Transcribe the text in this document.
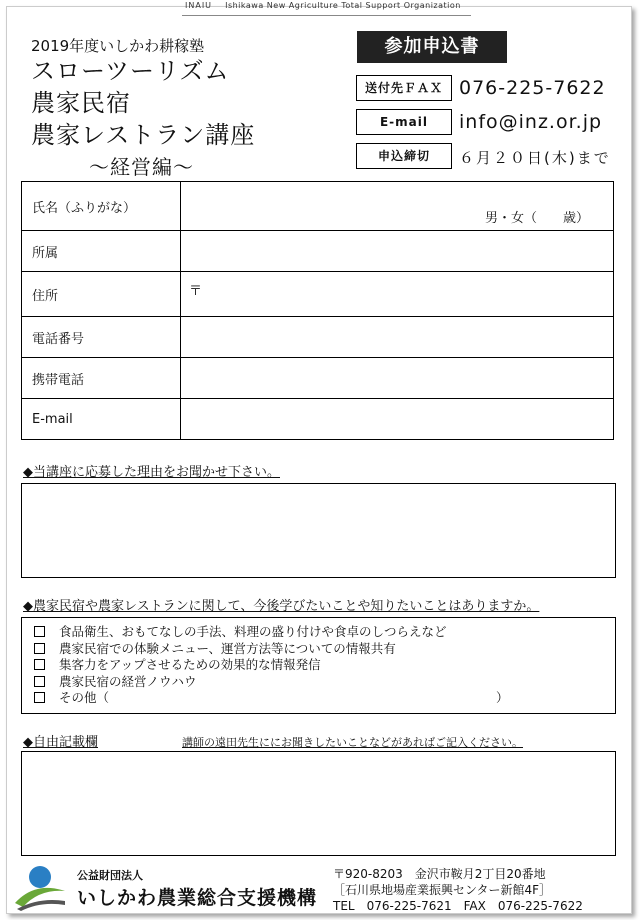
INAIU Ishikawa New Agriculture Total Support Organization
2019年度いしかわ耕稼塾
スローツーリズム
農家民宿
農家レストラン講座
～経営編～
参加申込書
送付先ＦＡＸ 076-225-7622
E-mail	info@inz.or.jp
申込締切	６月２０日(木)まで
氏名（ふりがな）	男・女（　　歳）

所属	
住所	〒

電話番号	
携帯電話	
E-mail	
◆当講座に応募した理由をお聞かせ下さい。
◆農家民宿や農家レストランに関して、今後学びたいことや知りたいことはありますか。
食品衛生、おもてなしの手法、料理の盛り付けや食卓のしつらえなど
農家民宿での体験メニュー、運営方法等についての情報共有
集客力をアップさせるための効果的な情報発信
農家民宿の経営ノウハウ
その他（	）
◆自由記載欄	講師の遠田先生ににお聞きしたいことなどがあればご記入ください。
公益財団法人
いしかわ農業総合支援機構
〒920-8203　金沢市鞍月2丁目20番地
［石川県地場産業振興センター新館4F］
TEL　076-225-7621　FAX　076-225-7622
